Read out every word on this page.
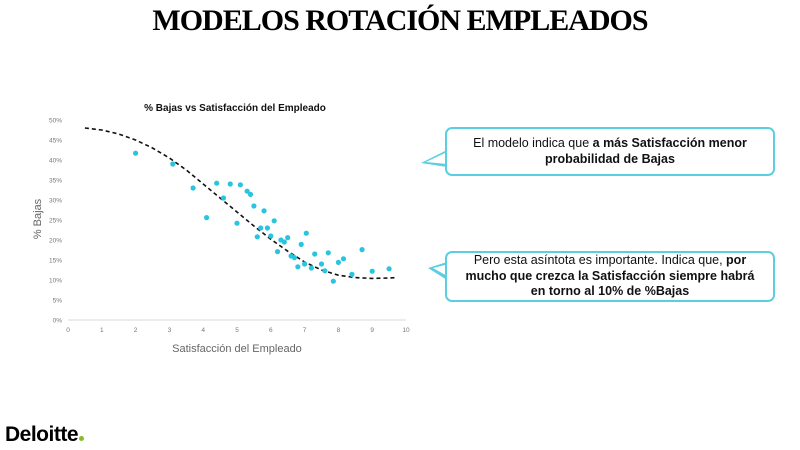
MODELOS ROTACIÓN EMPLEADOS
% Bajas vs Satisfacción del Empleado
0%
5%
10%
15%
20%
25%
30%
35%
40%
45%
50%
0	1	2	3	4	5	6	7	8	9	10
Satisfacción del Empleado
% Bajas
El modelo indica que a más Satisfacción menor probabilidad de Bajas
Pero esta asíntota es importante. Indica que, por mucho que crezca la Satisfacción siempre habrá en torno al 10% de %Bajas
Deloitte
